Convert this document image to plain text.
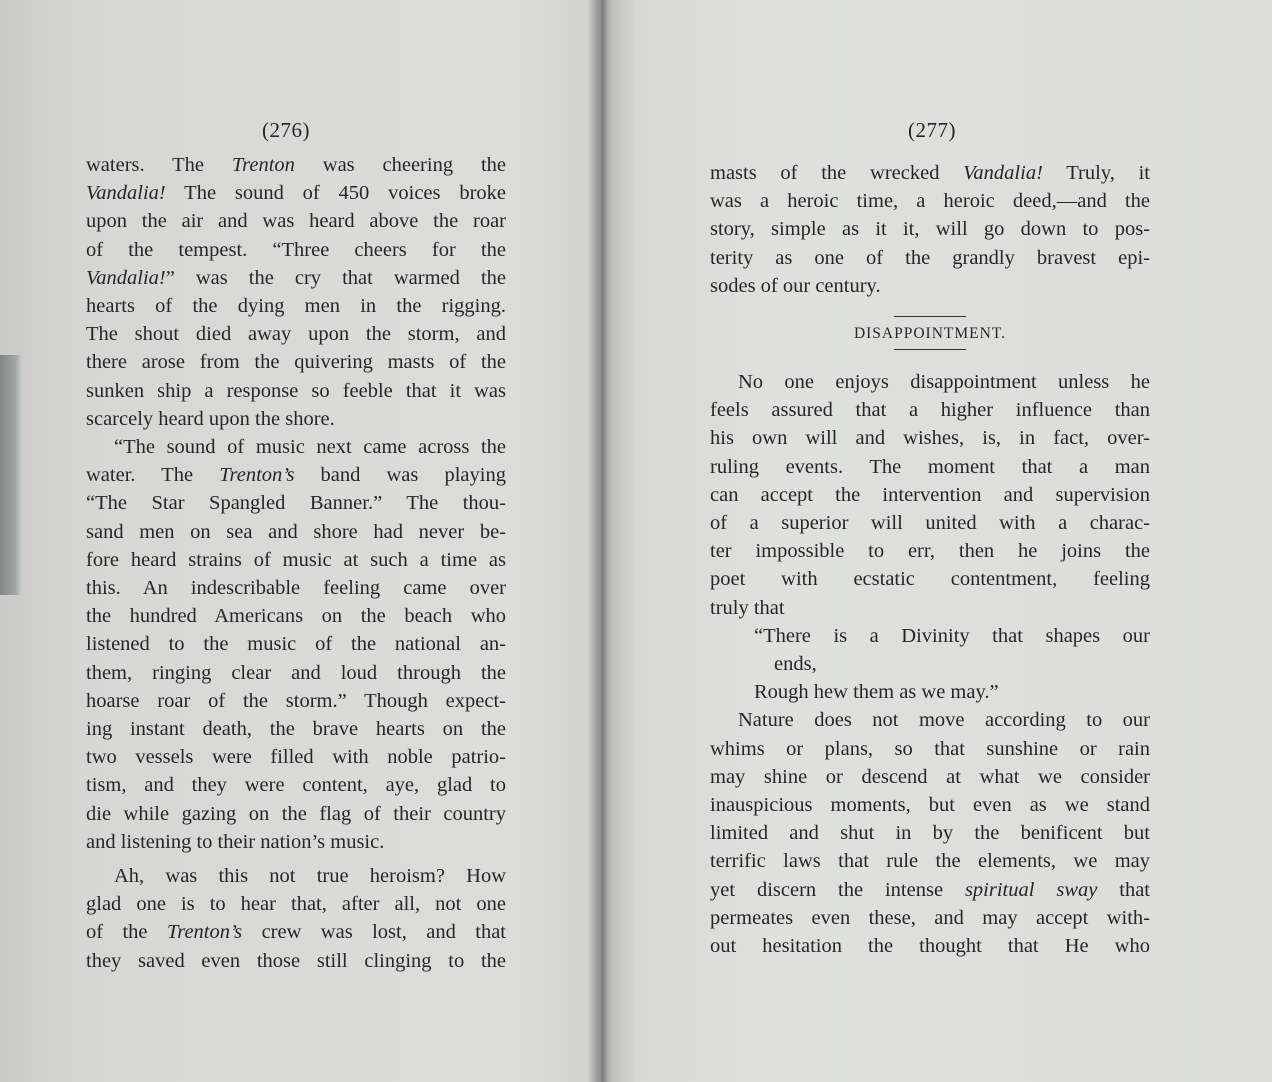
(276)
waters. The Trenton was cheering the
Vandalia! The sound of 450 voices broke
upon the air and was heard above the roar
of the tempest. “Three cheers for the
Vandalia!” was the cry that warmed the
hearts of the dying men in the rigging.
The shout died away upon the storm, and
there arose from the quivering masts of the
sunken ship a response so feeble that it was
scarcely heard upon the shore.
“The sound of music next came across the
water. The Trenton’s band was playing
“The Star Spangled Banner.” The thou-
sand men on sea and shore had never be-
fore heard strains of music at such a time as
this. An indescribable feeling came over
the hundred Americans on the beach who
listened to the music of the national an-
them, ringing clear and loud through the
hoarse roar of the storm.” Though expect-
ing instant death, the brave hearts on the
two vessels were filled with noble patrio-
tism, and they were content, aye, glad to
die while gazing on the flag of their country
and listening to their nation’s music.
Ah, was this not true heroism? How
glad one is to hear that, after all, not one
of the Trenton’s crew was lost, and that
they saved even those still clinging to the
(277)
masts of the wrecked Vandalia! Truly, it
was a heroic time, a heroic deed,—and the
story, simple as it it, will go down to pos-
terity as one of the grandly bravest epi-
sodes of our century.
DISAPPOINTMENT.
No one enjoys disappointment unless he
feels assured that a higher influence than
his own will and wishes, is, in fact, over-
ruling events. The moment that a man
can accept the intervention and supervision
of a superior will united with a charac-
ter impossible to err, then he joins the
poet with ecstatic contentment, feeling
truly that
“There is a Divinity that shapes our
ends,
Rough hew them as we may.”
Nature does not move according to our
whims or plans, so that sunshine or rain
may shine or descend at what we consider
inauspicious moments, but even as we stand
limited and shut in by the benificent but
terrific laws that rule the elements, we may
yet discern the intense spiritual sway that
permeates even these, and may accept with-
out hesitation the thought that He who
